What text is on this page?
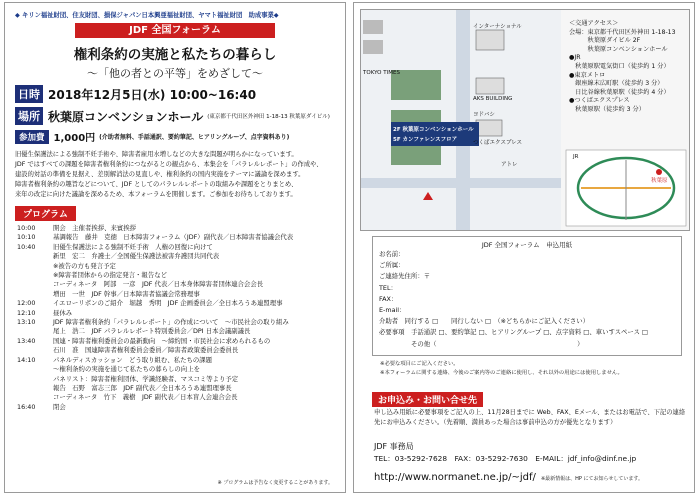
◆ キリン福祉財団、住友財団、損保ジャパン日本興亜福祉財団、ヤマト福祉財団　助成事業◆
JDF 全国フォーラム
権利条約の実施と私たちの暮らし
～「他の者との平等」をめざして～
日時 2018年12月5日(水) 10:00~16:40
場所 秋葉原コンベンションホール (東京都千代田区外神田 1-18-13 秋葉原ダイビル)
参加費 1,000円 (介助者無料、手話通訳、要約筆記、ヒアリングループ、点字資料あり)
旧優生保護法による強制不妊手術や、障害者雇用水増しなどの大きな問題が明らかになっています。
JDF ではすべての課題を障害者権利条約につながるとの観点から、本集会を「パラレルレポート」の作成や、
建設的対話の準備を見据え、差別解消法の見直しや、権利条約の国内実施をテーマに議論を深めます。
障害者権利条約の趣旨などについて、JDF としてのパラレルレポートの取組みや課題をとりまとめ、
来年の改定に向けた議論を深めるため、本フォーラムを開催します。ご参加をお待ちしております。
プログラム
10:00	開会　主催者挨拶、来賓挨拶
10:10	基調報告　藤井　克徳　日本障害フォーラム（JDF）副代表／日本障害者協議会代表
10:40	旧優生保護法による強制不妊手術　人権の回復に向けて
新里　宏二　弁護士／全国優生保護法被害弁護団共同代表
※被告の方も発言予定
※障害者団体からの指定発言・報告など
コーディネータ　阿部　一彦　JDF 代表／日本身体障害者団体連合会会長
増田　一世　JDF 幹事／日本障害者協議会常務理事
12:00	イエローリボンのご紹介　堀越　秀明　JDF 企画委員会／全日本ろうあ連盟理事
12:10	昼休み
13:10	JDF 障害者権利条約「パラレルレポート」の作成について　～市民社会の取り組み
尾上　浩二　JDF パラレルレポート特別委員会／DPI 日本会議副議長
13:40	国連・障害者権利委員会の最新動向　～締約国・市民社会に求められるもの
石川　准　国連障害者権利委員会委員／障害者政策委員会委員長
14:10	パネルディスカッション　どう取り組む、私たちの課題
～権利条約の実施を通じて私たちの暮らしの向上を
パネリスト：障害者権利団体、学識経験者、マスコミ等より予定
報告　石野　富志三郎　JDF 副代表／全日本ろうあ連盟理事長
コーディネータ　竹下　義樹　JDF 副代表／日本盲人会連合会長
16:40	閉会
※ プログラムは予告なく変更することがあります。
TOKYO TIMES
インターナショナル
AKS BUILDING
ヨドバシ
つくばエクスプレス
2F 秋葉原コンベンションホール
5F カンファレンスフロア
アトレ
JR
秋葉原
＜交通アクセス＞
会場：東京都千代田区外神田 1-18-13
　　　秋葉原ダイビル 2F
　　　秋葉原コンベンションホール
●JR
　秋葉原駅電気街口（徒歩約 1 分）
●東京メトロ
　銀座線末広町駅（徒歩約 3 分）
　日比谷線秋葉原駅（徒歩約 4 分）
●つくばエクスプレス
　秋葉原駅（徒歩約 3 分）
JDF 全国フォーラム　申込用紙
お名前：
ご所属：
ご連絡先住所：〒
TEL：
FAX：
E-mail：
介助者　同行する □　　同行しない □　（※どちらかにご記入ください）
必要事項　手話通訳 □、要約筆記 □、ヒアリングループ □、点字資料 □、車いすスペース □
　　　　　その他（　　　　　　　　　　　　　　　　　　　　　　）
※必要な項目にご記入ください。
※本フォーラムに関する連絡、今後のご案内等のご連絡に使用し、それ以外の用途には使用しません。
お申込み・お問い合せ先
申し込み用紙に必要事項をご記入の上、11月28日までに Web、FAX、Eメール、またはお電話で、下記の連絡先にお申込みください。（先着順、満員あった場合は事前申込の方が優先となります）
JDF 事務局
TEL：03-5292-7628　FAX：03-5292-7630　E-MAIL：jdf_info@dinf.ne.jp
http://www.normanet.ne.jp/~jdf/ ※最新情報は、HP にてお知らせしています。
